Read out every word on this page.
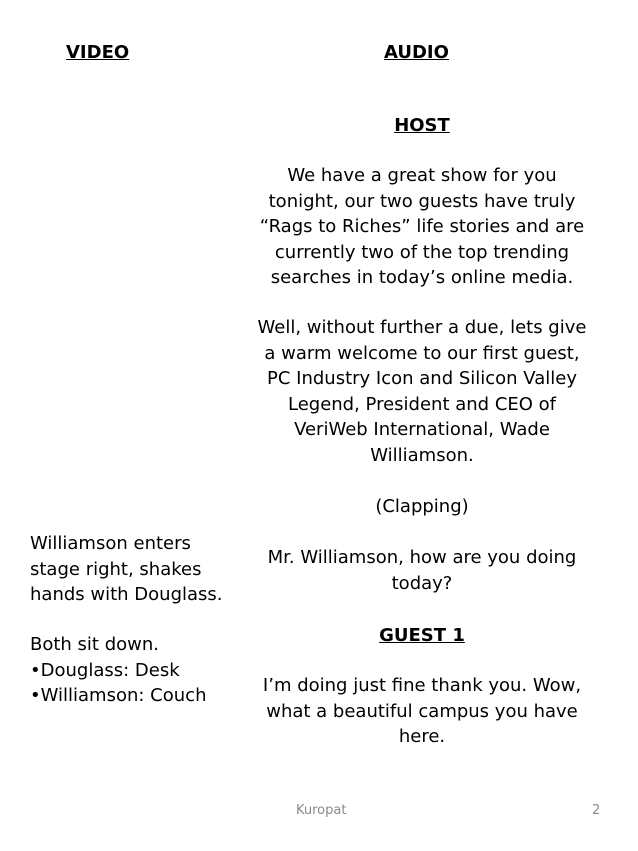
VIDEO	AUDIO
HOST
We have a great show for you tonight, our two guests have truly “Rags to Riches” life stories and are currently two of the top trending searches in today’s online media.
Well, without further a due, lets give a warm welcome to our first guest, PC Industry Icon and Silicon Valley Legend, President and CEO of VeriWeb International, Wade Williamson.
(Clapping)
Mr. Williamson, how are you doing today?
GUEST 1
I’m doing just fine thank you. Wow, what a beautiful campus you have here.
Williamson enters stage right, shakes hands with Douglass.
Both sit down.
• Douglass: Desk
• Williamson: Couch
Kuropat	2
